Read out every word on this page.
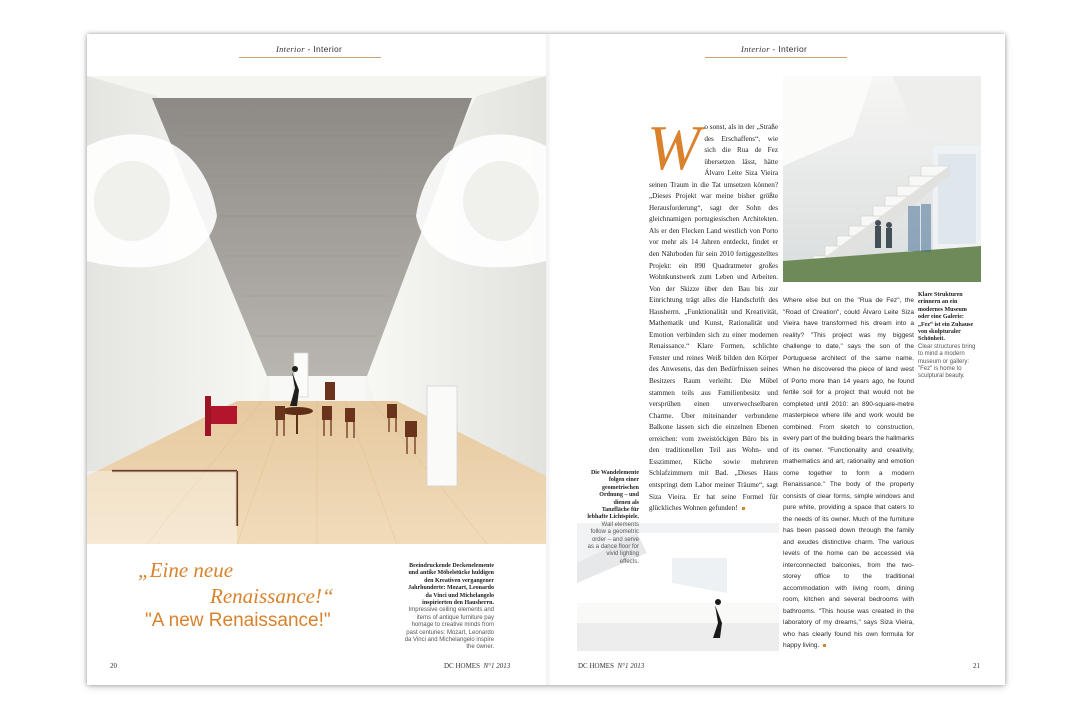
Interior - Interior	Interior - Interior
„Eine neue
Renaissance!“
"A new Renaissance!"
Beeindruckende Deckenelemente und antike Möbelstücke huldigen den Kreativen vergangener Jahrhunderte: Mozart, Leonardo da Vinci und Michelangelo inspirierten den Hausherrn.
Impressive ceiling elements and items of antique furniture pay homage to creative minds from past centuries: Mozart, Leonardo da Vinci and Michelangelo inspire the owner.
Die Wandelemente folgen einer geometrischen Ordnung – und dienen als Tanzfläche für lebhafte Lichtspiele.
Wall elements follow a geometric order – and serve as a dance floor for vivid lighting effects.
Klare Strukturen erinnern an ein modernes Museum oder eine Galerie: „Fez“ ist ein Zuhause von skulpturaler Schönheit.
Clear structures bring to mind a modern museum or gallery: "Fez" is home to sculptural beauty.
W o sonst, als in der „Straße des Erschaffens“, wie sich die Rua de Fez übersetzen lässt, hätte Álvaro Leite Siza Vieira seinen Traum in die Tat umsetzen können? „Dieses Projekt war meine bisher größte Herausforderung“, sagt der Sohn des gleichnamigen portugiesischen Architekten. Als er den Flecken Land westlich von Porto vor mehr als 14 Jahren entdeckt, findet er den Nährboden für sein 2010 fertiggestelltes Projekt: ein 890 Quadratmeter großes Wohnkunstwerk zum Leben und Arbeiten. Von der Skizze über den Bau bis zur Einrichtung trägt alles die Handschrift des Hausherrn. „Funktionalität und Kreativität, Mathematik und Kunst, Rationalität und Emotion verbinden sich zu einer modernen Renaissance.“ Klare Formen, schlichte Fenster und reines Weiß bilden den Körper des Anwesens, das den Bedürfnissen seines Besitzers Raum verleiht. Die Möbel stammen teils aus Familienbesitz und versprühen einen unverwechselbaren Charme. Über miteinander verbundene Balkone lassen sich die einzelnen Ebenen erreichen: vom zweistöckigen Büro bis in den traditionellen Teil aus Wohn- und Esszimmer, Küche sowie mehreren Schlafzimmern mit Bad. „Dieses Haus entspringt dem Labor meiner Träume“, sagt Siza Vieira. Er hat seine Formel für glückliches Wohnen gefunden!
Where else but on the "Rua de Fez", the "Road of Creation", could Álvaro Leite Siza Vieira have transformed his dream into a reality? "This project was my biggest challenge to date," says the son of the Portuguese architect of the same name. When he discovered the piece of land west of Porto more than 14 years ago, he found fertile soil for a project that would not be completed until 2010: an 890-square-metre masterpiece where life and work would be combined. From sketch to construction, every part of the building bears the hallmarks of its owner. "Functionality and creativity, mathematics and art, rationality and emotion come together to form a modern Renaissance." The body of the property consists of clear forms, simple windows and pure white, providing a space that caters to the needs of its owner. Much of the furniture has been passed down through the family and exudes distinctive charm. The various levels of the home can be accessed via interconnected balconies, from the two-storey office to the traditional accommodation with living room, dining room, kitchen and several bedrooms with bathrooms. "This house was created in the laboratory of my dreams," says Siza Vieira, who has clearly found his own formula for happy living.
20	DC HOMES N°1 2013	DC HOMES N°1 2013	21
